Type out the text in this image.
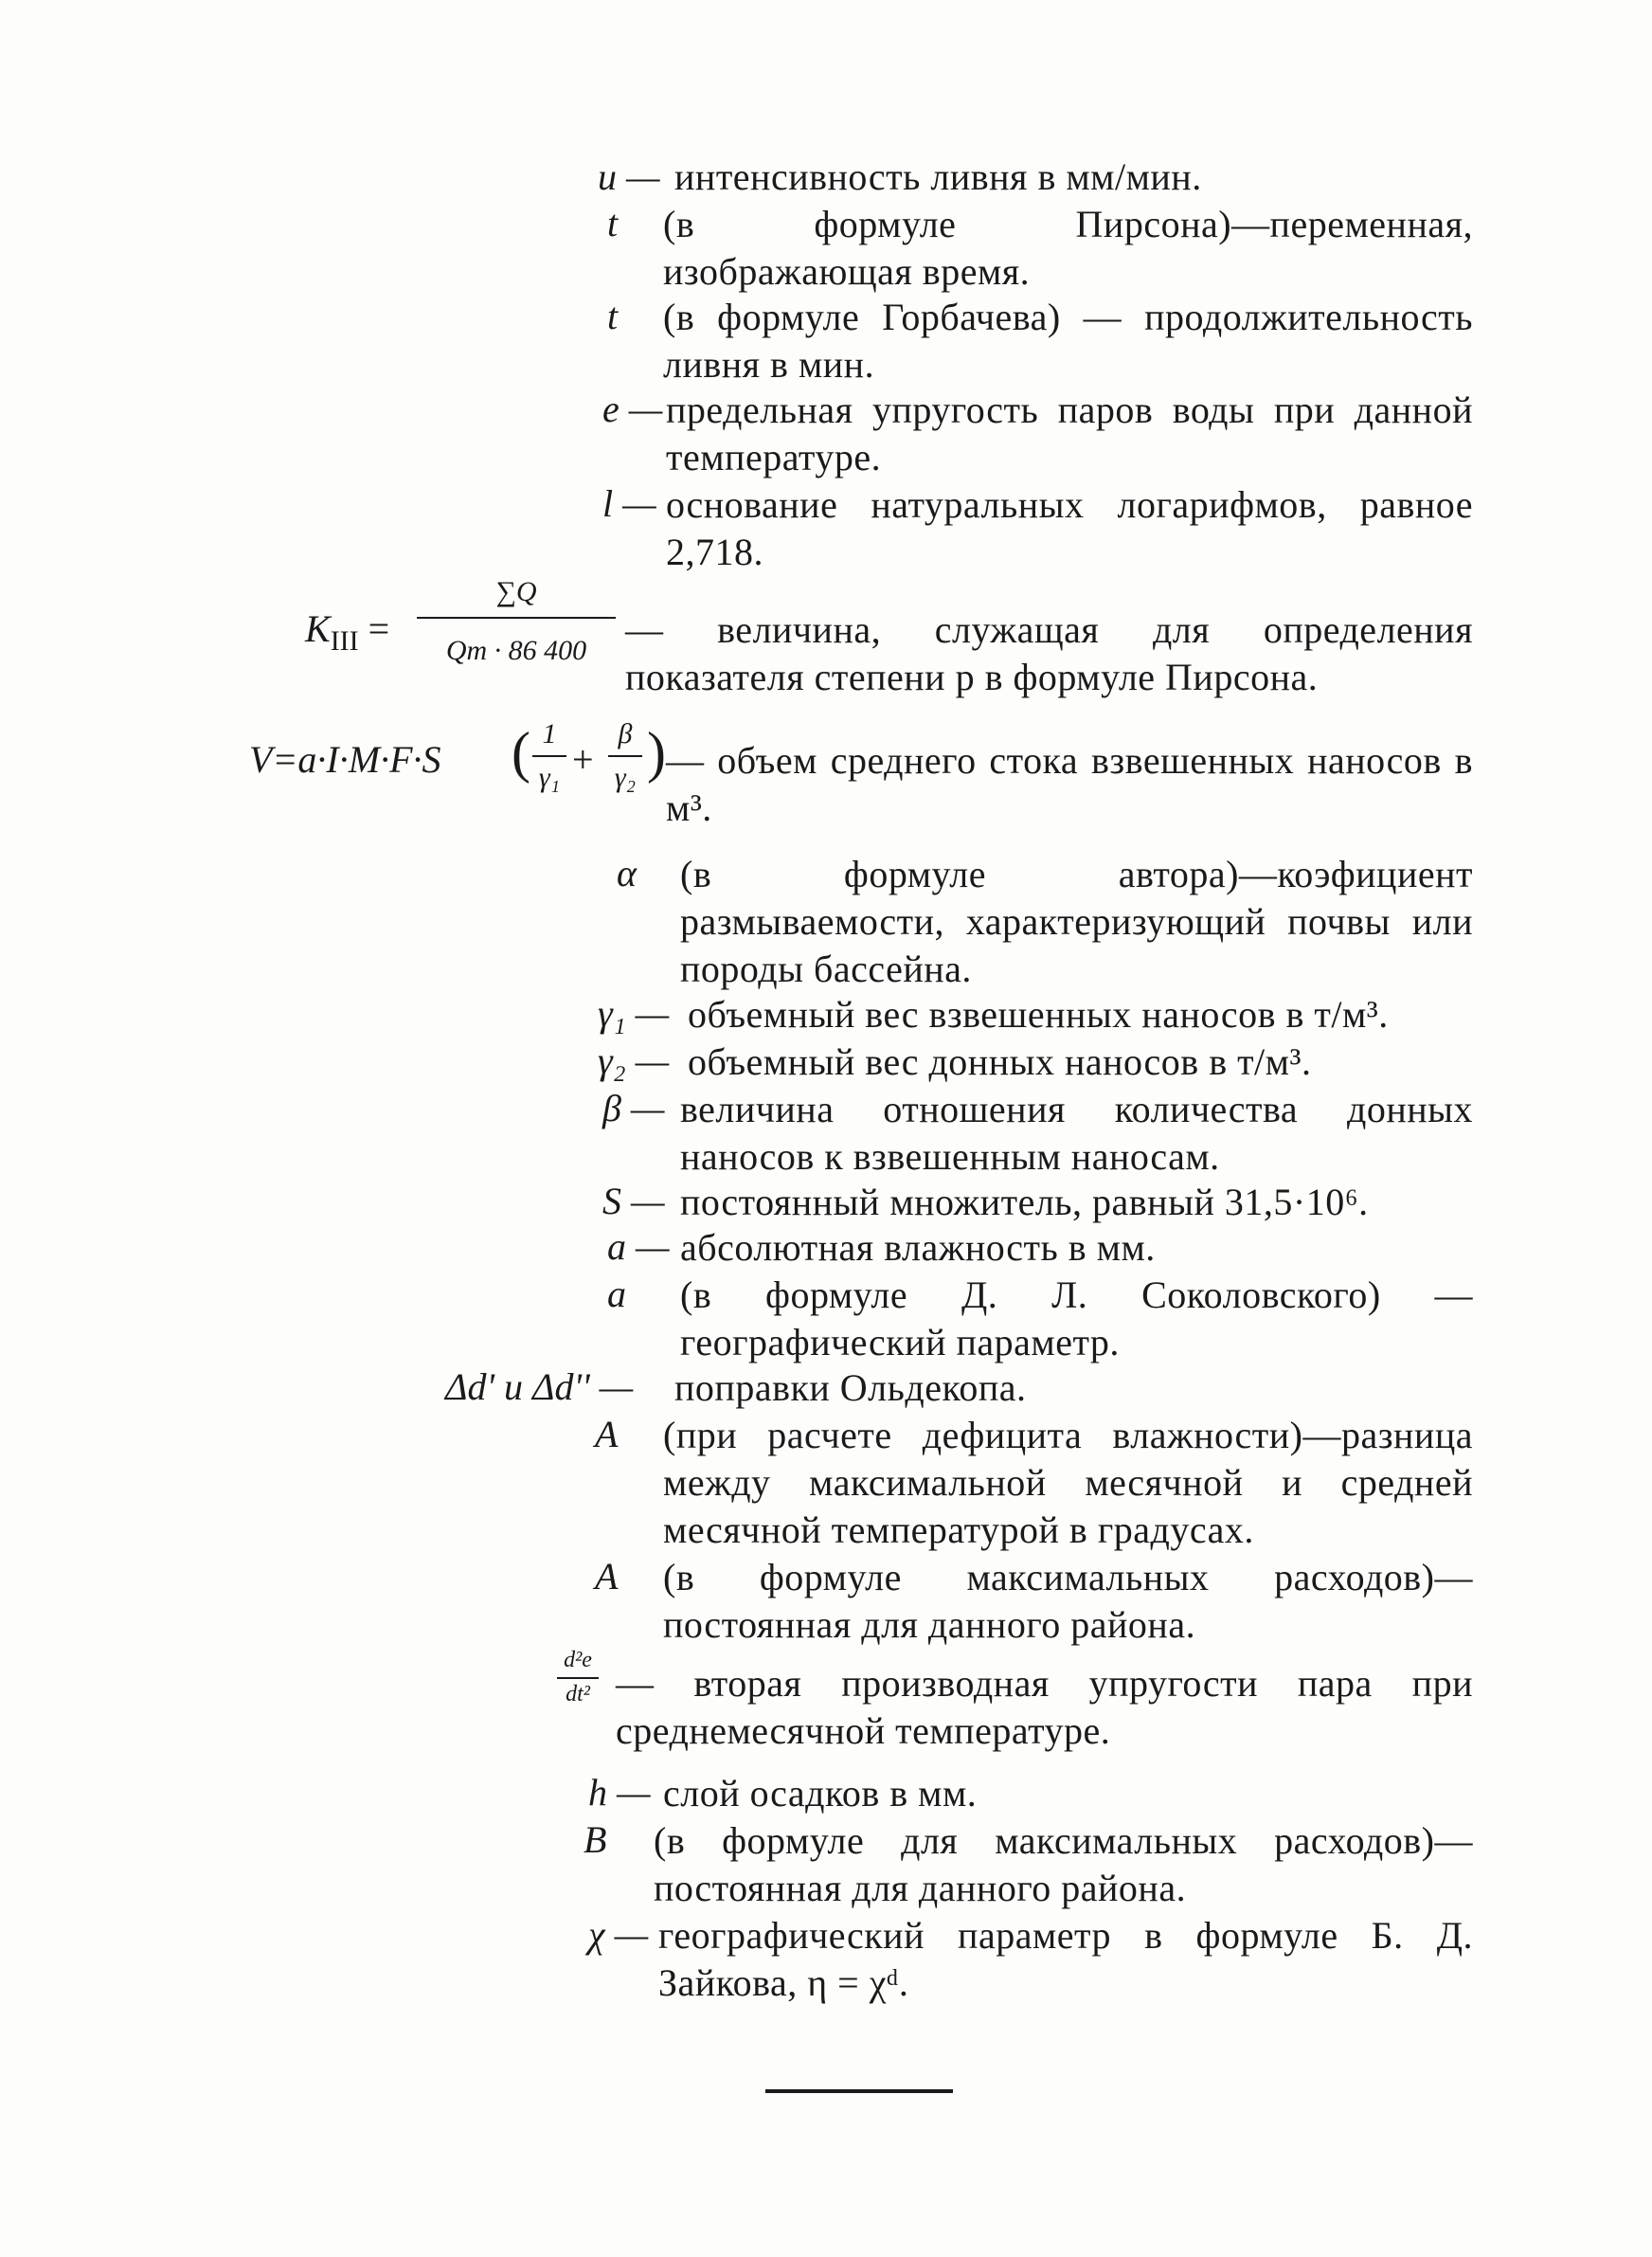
u — интенсивность ливня в мм/мин.
t (в формуле Пирсона)—переменная, изображающая время.
t (в формуле Горбачева) — продолжительность ливня в мин.
e — предельная упругость паров воды при данной температуре.
l — основание натуральных логарифмов, равное 2,718.
$K_{III}$ =
∑Q
Qm · 86 400	— величина, служащая для определения показателя степени p в формуле Пирсона.
V=a·I·M·F·S ( 1
γ₁ +
β
γ₂ ) — объем среднего стока взвешенных наносов в м³.
α (в формуле автора)—коэфициент размываемости, характеризующий почвы или породы бассейна.
γ₁ — объемный вес взвешенных наносов в т/м³.
γ₂ — объемный вес донных наносов в т/м³.
β — величина отношения количества донных наносов к взвешенным наносам.
S — постоянный множитель, равный 31,5·10⁶.
a — абсолютная влажность в мм.
a (в формуле Д. Л. Соколовского) — географический параметр.
Δd' и Δd'' — поправки Ольдекопа.
A (при расчете дефицита влажности)—разница между максимальной месячной и средней месячной температурой в градусах.
A (в формуле максимальных расходов)—постоянная для данного района.
d²e
dt² — вторая производная упругости пара при среднемесячной температуре.
h — слой осадков в мм.
B (в формуле для максимальных расходов)—постоянная для данного района.
χ — географический параметр в формуле Б. Д. Зайкова, η = χᵈ.
